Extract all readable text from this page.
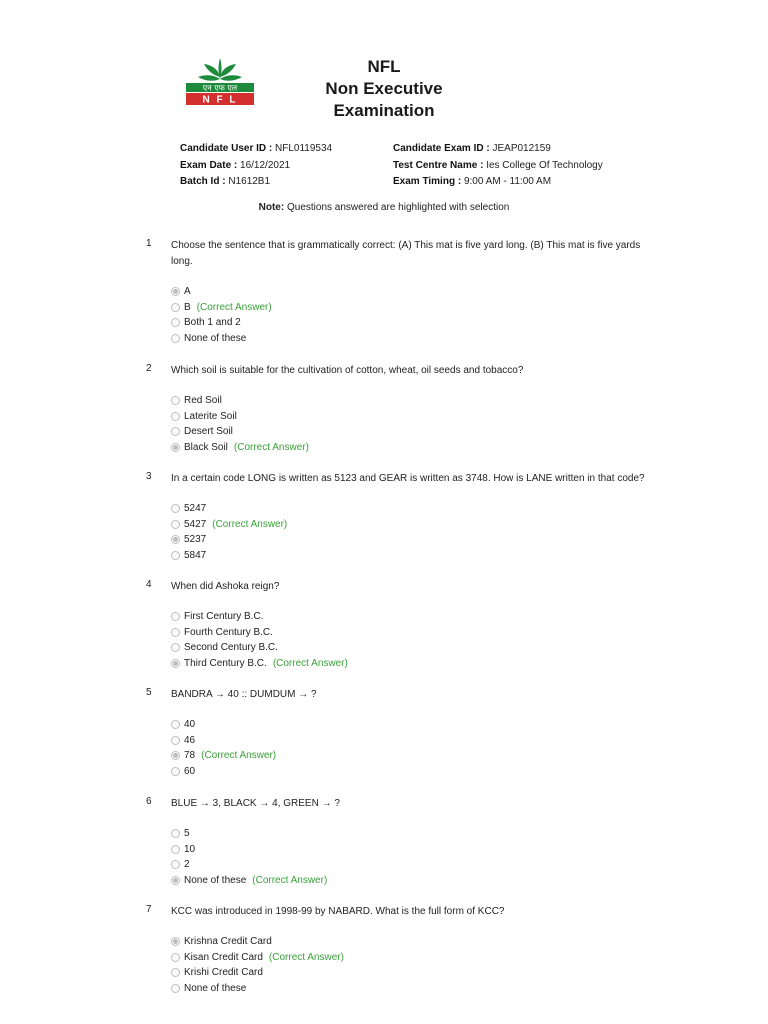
एन एफ एल
N F L
NFL
Non Executive
Examination
Candidate User ID : NFL0119534
Exam Date : 16/12/2021
Batch Id : N1612B1
Candidate Exam ID : JEAP012159
Test Centre Name : Ies College Of Technology
Exam Timing : 9:00 AM - 11:00 AM
Note: Questions answered are highlighted with selection
1 Choose the sentence that is grammatically correct: (A) This mat is five yard long. (B) This mat is five yards long.
A
B (Correct Answer)
Both 1 and 2
None of these
2 Which soil is suitable for the cultivation of cotton, wheat, oil seeds and tobacco?
Red Soil
Laterite Soil
Desert Soil
Black Soil (Correct Answer)
3 In a certain code LONG is written as 5123 and GEAR is written as 3748. How is LANE written in that code?
5247
5427 (Correct Answer)
5237
5847
4 When did Ashoka reign?
First Century B.C.
Fourth Century B.C.
Second Century B.C.
Third Century B.C. (Correct Answer)
5 BANDRA → 40 :: DUMDUM → ?
40
46
78 (Correct Answer)
60
6 BLUE → 3, BLACK → 4, GREEN → ?
5
10
2
None of these (Correct Answer)
7 KCC was introduced in 1998-99 by NABARD. What is the full form of KCC?
Krishna Credit Card
Kisan Credit Card (Correct Answer)
Krishi Credit Card
None of these
